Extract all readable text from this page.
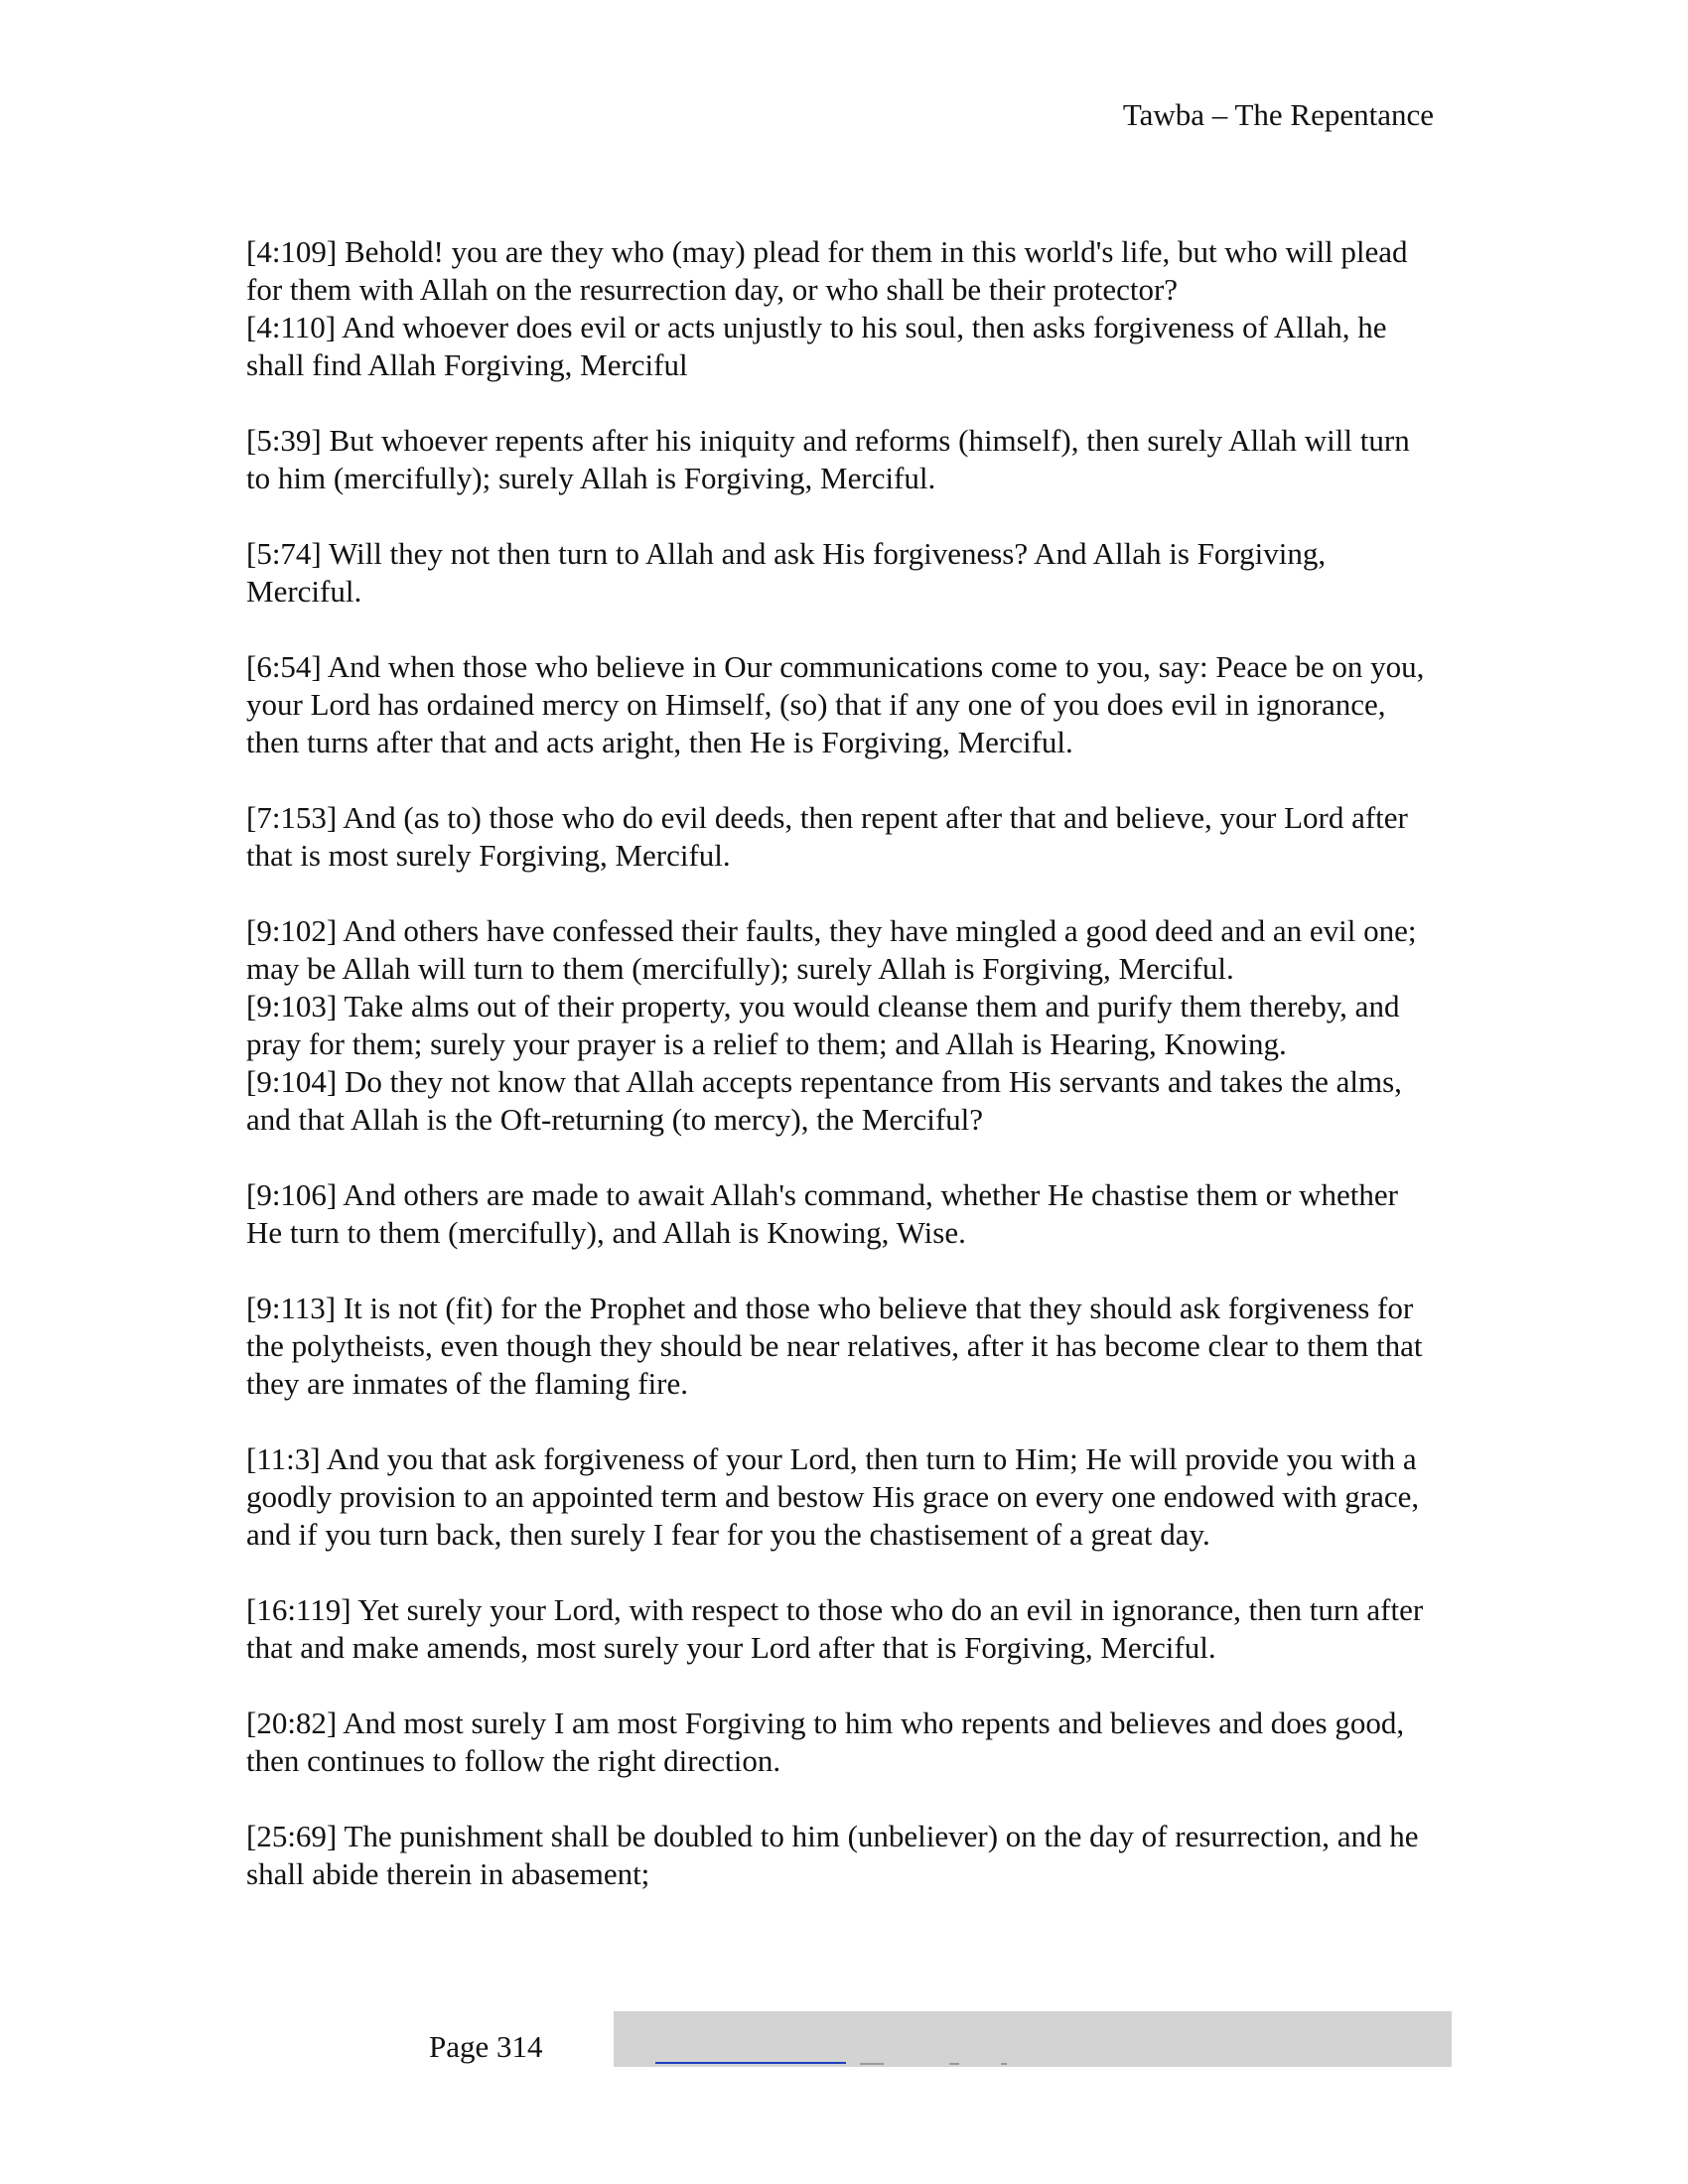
Tawba – The Repentance
[4:109] Behold! you are they who (may) plead for them in this world's life, but who will plead for them with Allah on the resurrection day, or who shall be their protector?
[4:110] And whoever does evil or acts unjustly to his soul, then asks forgiveness of Allah, he shall find Allah Forgiving, Merciful
[5:39] But whoever repents after his iniquity and reforms (himself), then surely Allah will turn to him (mercifully); surely Allah is Forgiving, Merciful.
[5:74] Will they not then turn to Allah and ask His forgiveness? And Allah is Forgiving, Merciful.
[6:54] And when those who believe in Our communications come to you, say: Peace be on you, your Lord has ordained mercy on Himself, (so) that if any one of you does evil in ignorance, then turns after that and acts aright, then He is Forgiving, Merciful.
[7:153] And (as to) those who do evil deeds, then repent after that and believe, your Lord after that is most surely Forgiving, Merciful.
[9:102] And others have confessed their faults, they have mingled a good deed and an evil one; may be Allah will turn to them (mercifully); surely Allah is Forgiving, Merciful.
[9:103] Take alms out of their property, you would cleanse them and purify them thereby, and pray for them; surely your prayer is a relief to them; and Allah is Hearing, Knowing.
[9:104] Do they not know that Allah accepts repentance from His servants and takes the alms, and that Allah is the Oft-returning (to mercy), the Merciful?
[9:106] And others are made to await Allah's command, whether He chastise them or whether He turn to them (mercifully), and Allah is Knowing, Wise.
[9:113] It is not (fit) for the Prophet and those who believe that they should ask forgiveness for the polytheists, even though they should be near relatives, after it has become clear to them that they are inmates of the flaming fire.
[11:3] And you that ask forgiveness of your Lord, then turn to Him; He will provide you with a goodly provision to an appointed term and bestow His grace on every one endowed with grace, and if you turn back, then surely I fear for you the chastisement of a great day.
[16:119] Yet surely your Lord, with respect to those who do an evil in ignorance, then turn after that and make amends, most surely your Lord after that is Forgiving, Merciful.
[20:82] And most surely I am most Forgiving to him who repents and believes and does good, then continues to follow the right direction.
[25:69] The punishment shall be doubled to him (unbeliever) on the day of resurrection, and he shall abide therein in abasement;
Page 314
